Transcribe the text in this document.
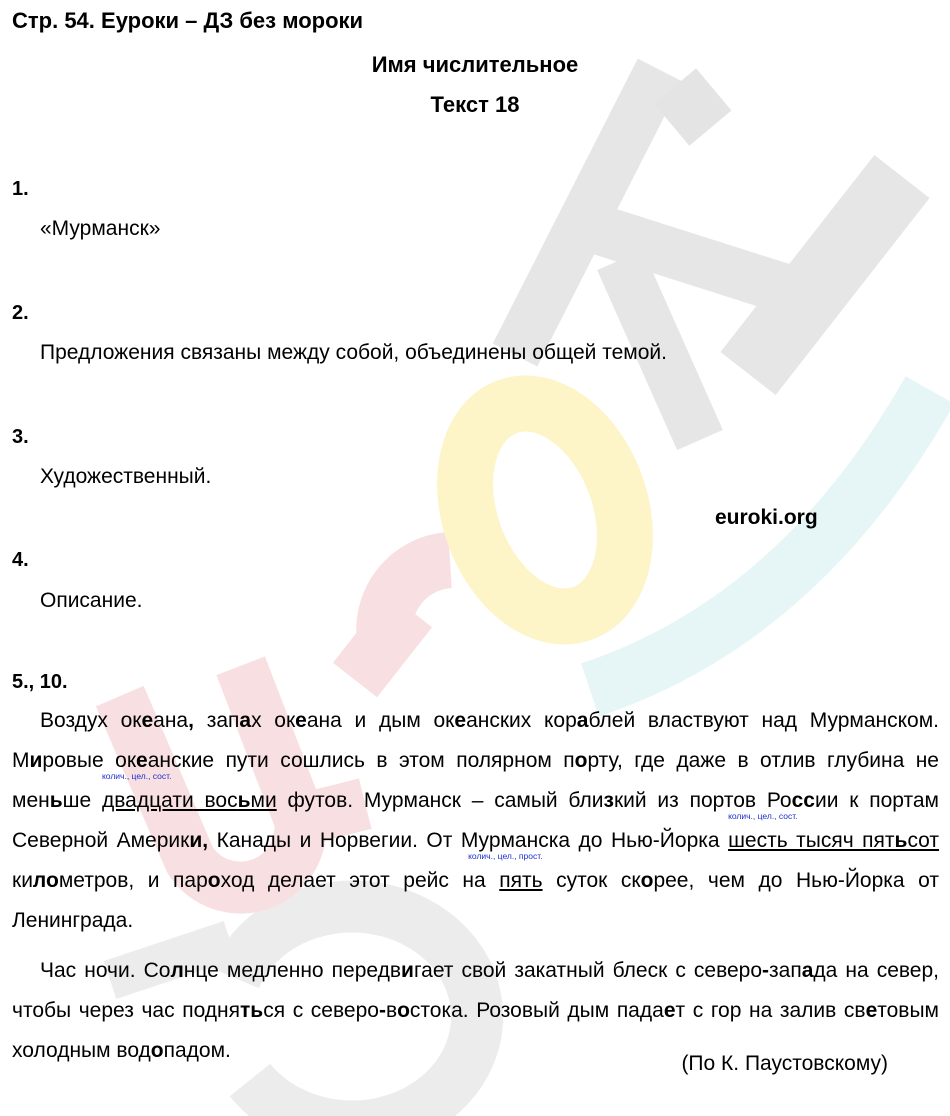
Стр. 54. Еуроки – ДЗ без мороки
Имя числительное
Текст 18
1.
«Мурманск»
2.
Предложения связаны между собой, объединены общей темой.
3.
Художественный.
euroki.org
4.
Описание.
5., 10.
Воздух океана, запах океана и дым океанских кораблей властвуют над Мурманском. Мировые океанские пути сошлись в этом полярном порту, где даже в отлив глубина не меньше
колич., цел., сост.
двадцати восьми футов. Мурманск – самый близкий из портов России к портам Северной Америки, Канады и Норвегии. От Мурманска до Нью-Йорка
колич., цел., сост.
шесть тысяч пятьсот километров, и пароход делает этот рейс на
колич., цел., прост.
пять суток скорее, чем до Нью-Йорка от Ленинграда.
Час ночи. Солнце медленно передвигает свой закатный блеск с северо-запада на север, чтобы через час подняться с северо-востока. Розовый дым падает с гор на залив световым холодным водопадом.
(По К. Паустовскому)
